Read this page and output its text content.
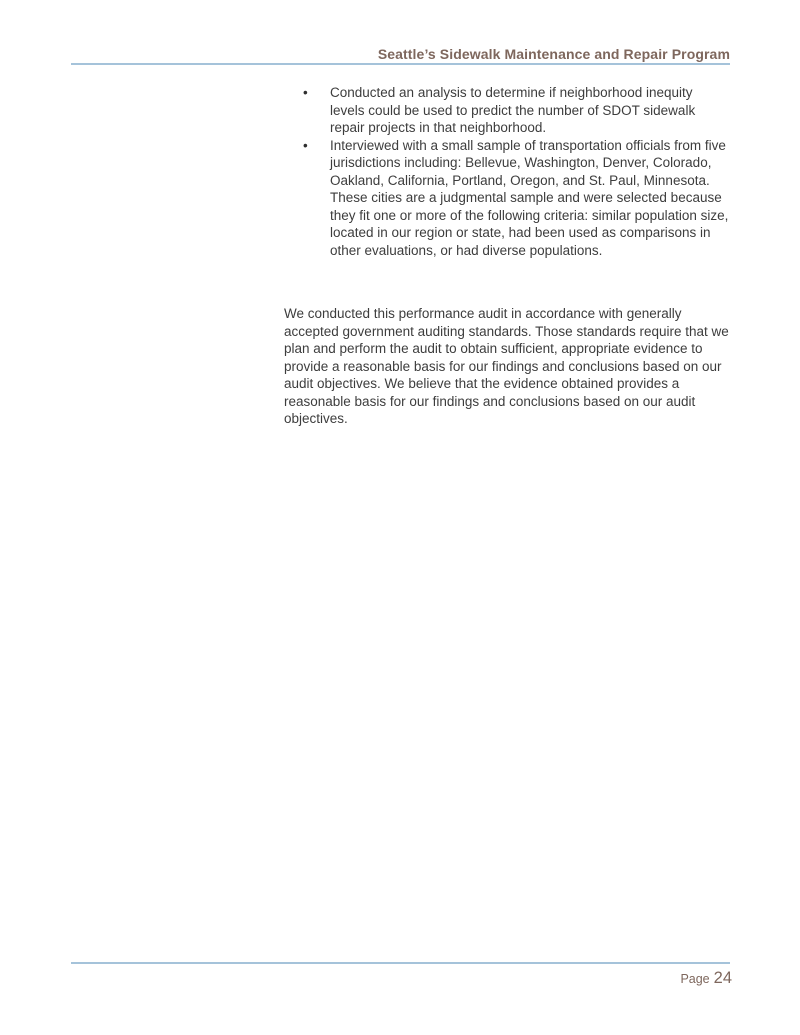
Seattle’s Sidewalk Maintenance and Repair Program
•	Conducted an analysis to determine if neighborhood inequity levels could be used to predict the number of SDOT sidewalk repair projects in that neighborhood.
•	Interviewed with a small sample of transportation officials from five jurisdictions including: Bellevue, Washington, Denver, Colorado, Oakland, California, Portland, Oregon, and St. Paul, Minnesota. These cities are a judgmental sample and were selected because they fit one or more of the following criteria: similar population size, located in our region or state, had been used as comparisons in other evaluations, or had diverse populations.

We conducted this performance audit in accordance with generally accepted government auditing standards. Those standards require that we plan and perform the audit to obtain sufficient, appropriate evidence to provide a reasonable basis for our findings and conclusions based on our audit objectives. We believe that the evidence obtained provides a reasonable basis for our findings and conclusions based on our audit objectives.

Page 24
